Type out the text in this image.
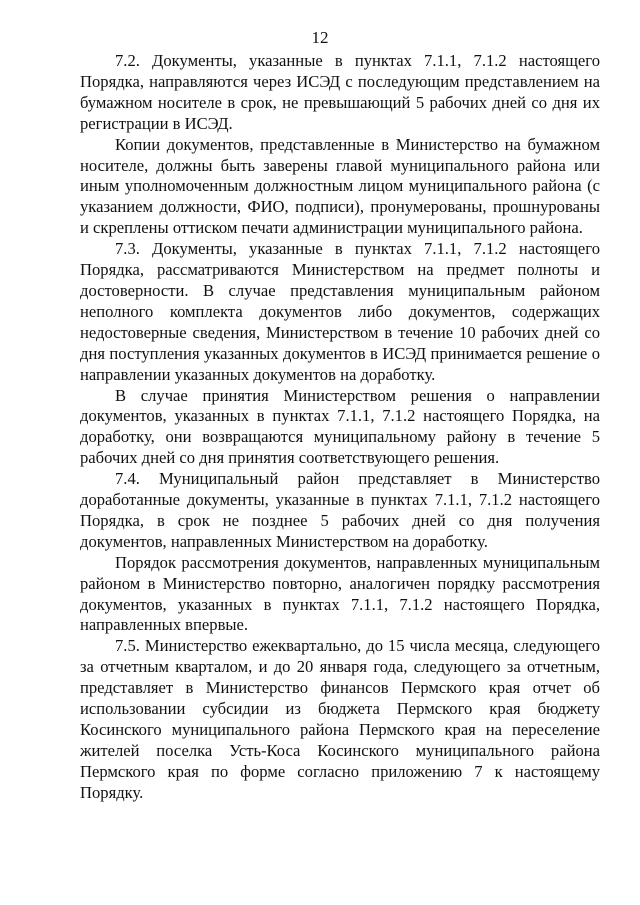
12

7.2. Документы, указанные в пунктах 7.1.1, 7.1.2 настоящего Порядка, направляются через ИСЭД с последующим представлением на бумажном носителе в срок, не превышающий 5 рабочих дней со дня их регистрации в ИСЭД.

Копии документов, представленные в Министерство на бумажном носителе, должны быть заверены главой муниципального района или иным уполномоченным должностным лицом муниципального района (с указанием должности, ФИО, подписи), пронумерованы, прошнурованы и скреплены оттиском печати администрации муниципального района.

7.3. Документы, указанные в пунктах 7.1.1, 7.1.2 настоящего Порядка, рассматриваются Министерством на предмет полноты и достоверности. В случае представления муниципальным районом неполного комплекта документов либо документов, содержащих недостоверные сведения, Министерством в течение 10 рабочих дней со дня поступления указанных документов в ИСЭД принимается решение о направлении указанных документов на доработку.

В случае принятия Министерством решения о направлении документов, указанных в пунктах 7.1.1, 7.1.2 настоящего Порядка, на доработку, они возвращаются муниципальному району в течение 5 рабочих дней со дня принятия соответствующего решения.

7.4. Муниципальный район представляет в Министерство доработанные документы, указанные в пунктах 7.1.1, 7.1.2 настоящего Порядка, в срок не позднее 5 рабочих дней со дня получения документов, направленных Министерством на доработку.

Порядок рассмотрения документов, направленных муниципальным районом в Министерство повторно, аналогичен порядку рассмотрения документов, указанных в пунктах 7.1.1, 7.1.2 настоящего Порядка, направленных впервые.

7.5. Министерство ежеквартально, до 15 числа месяца, следующего за отчетным кварталом, и до 20 января года, следующего за отчетным, представляет в Министерство финансов Пермского края отчет об использовании субсидии из бюджета Пермского края бюджету Косинского муниципального района Пермского края на переселение жителей поселка Усть-Коса Косинского муниципального района Пермского края по форме согласно приложению 7 к настоящему Порядку.
